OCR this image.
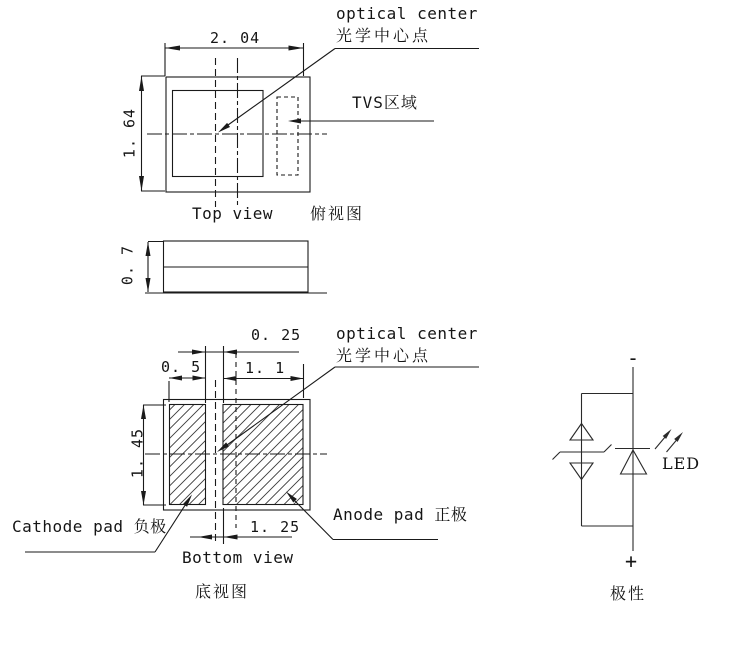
optical center
光学中心点
TVS区域
2. 04
1. 64
Top view 俯视图
0. 7
optical center
光学中心点
0. 25
0. 5	1. 1
1. 45
1. 25
Cathode pad 负极
Anode pad 正极
Bottom view
底视图
-
+
LED
极性
